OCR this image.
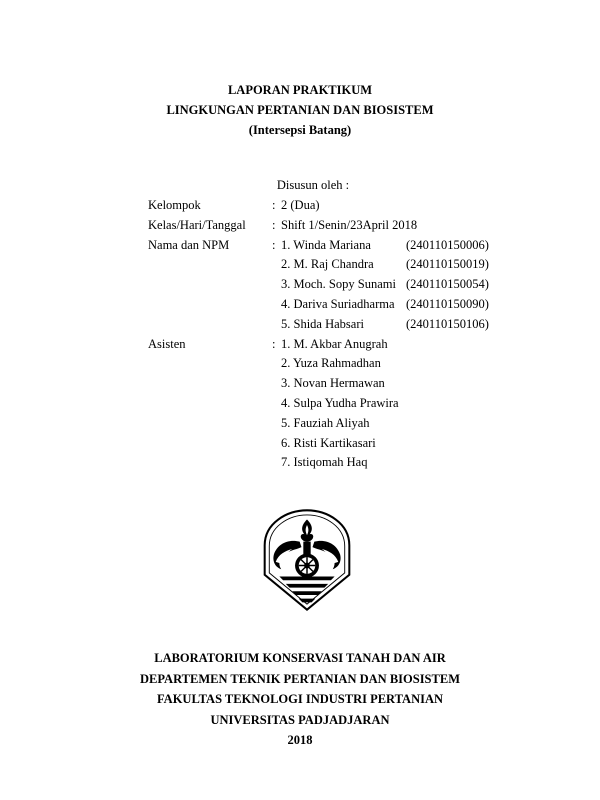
LAPORAN PRAKTIKUM
LINGKUNGAN PERTANIAN DAN BIOSISTEM
(Intersepsi Batang)
Disusun oleh :
Kelompok	: 2 (Dua)
Kelas/Hari/Tanggal : Shift 1/Senin/23April 2018
Nama dan NPM	: 1. Winda Mariana	(240110150006)
2. M. Raj Chandra	(240110150019)
3. Moch. Sopy Sunami (240110150054)
4. Dariva Suriadharma (240110150090)
5. Shida Habsari	(240110150106)
Asisten	: 1. M. Akbar Anugrah
2. Yuza Rahmadhan
3. Novan Hermawan
4. Sulpa Yudha Prawira
5. Fauziah Aliyah
6. Risti Kartikasari
7. Istiqomah Haq
LABORATORIUM KONSERVASI TANAH DAN AIR
DEPARTEMEN TEKNIK PERTANIAN DAN BIOSISTEM
FAKULTAS TEKNOLOGI INDUSTRI PERTANIAN
UNIVERSITAS PADJADJARAN
2018
